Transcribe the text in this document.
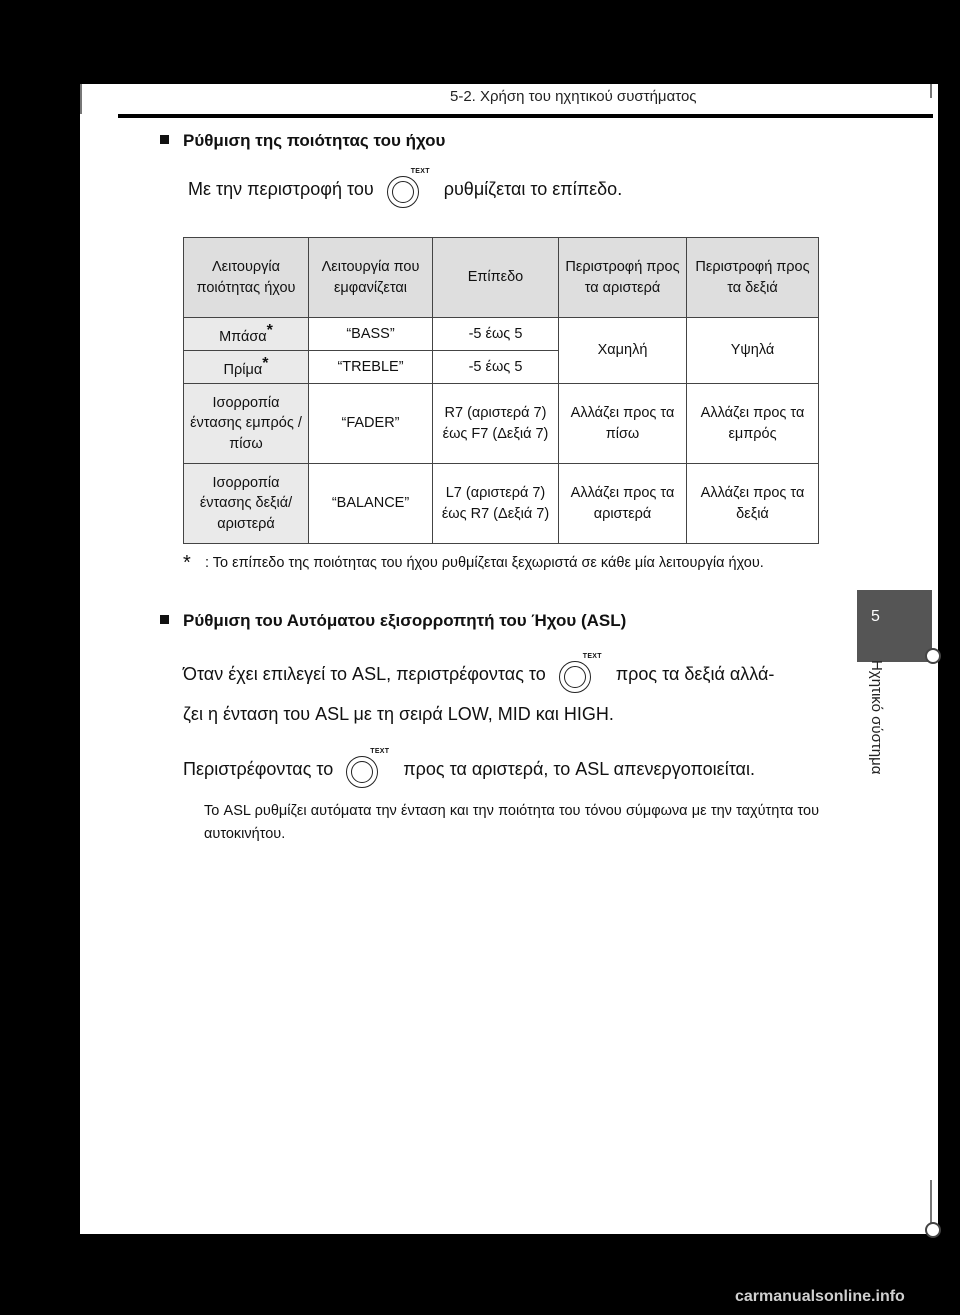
5-2. Χρήση του ηχητικού συστήματος
5
Ηχητικό σύστημα
Ρύθμιση της ποιότητας του ήχου
Με την περιστροφή του
TEXT
ρυθμίζεται το επίπεδο.
Λειτουργία ποιότητας ήχου	Λειτουργία που εμφανίζεται	Επίπεδο	Περιστροφή προς τα αριστερά	Περιστροφή προς τα δεξιά
Μπάσα*	“BASS”	-5 έως 5	Χαμηλή	Υψηλά
Πρίμα*	“TREBLE”	-5 έως 5		
Ισορροπία έντασης εμπρός / πίσω	“FADER”	R7 (αριστερά 7) έως F7 (Δεξιά 7)	Αλλάζει προς τα πίσω	Αλλάζει προς τα εμπρός
Ισορροπία έντασης δεξιά/ αριστερά	“BALANCE”	L7 (αριστερά 7) έως R7 (Δεξιά 7)	Αλλάζει προς τα αριστερά	Αλλάζει προς τα δεξιά
* : Το επίπεδο της ποιότητας του ήχου ρυθμίζεται ξεχωριστά σε κάθε μία λειτουργία ήχου.
Ρύθμιση του Αυτόματου εξισορροπητή του Ήχου (ASL)
Όταν έχει επιλεγεί το ASL, περιστρέφοντας το
TEXT
προς τα δεξιά αλλά-
ζει η ένταση του ASL με τη σειρά LOW, MID και HIGH.
Περιστρέφοντας το
TEXT
προς τα αριστερά, το ASL απενεργοποιείται.
Το ASL ρυθμίζει αυτόματα την ένταση και την ποιότητα του τόνου σύμφωνα με την ταχύτητα του αυτοκινήτου.
carmanualsonline.info
